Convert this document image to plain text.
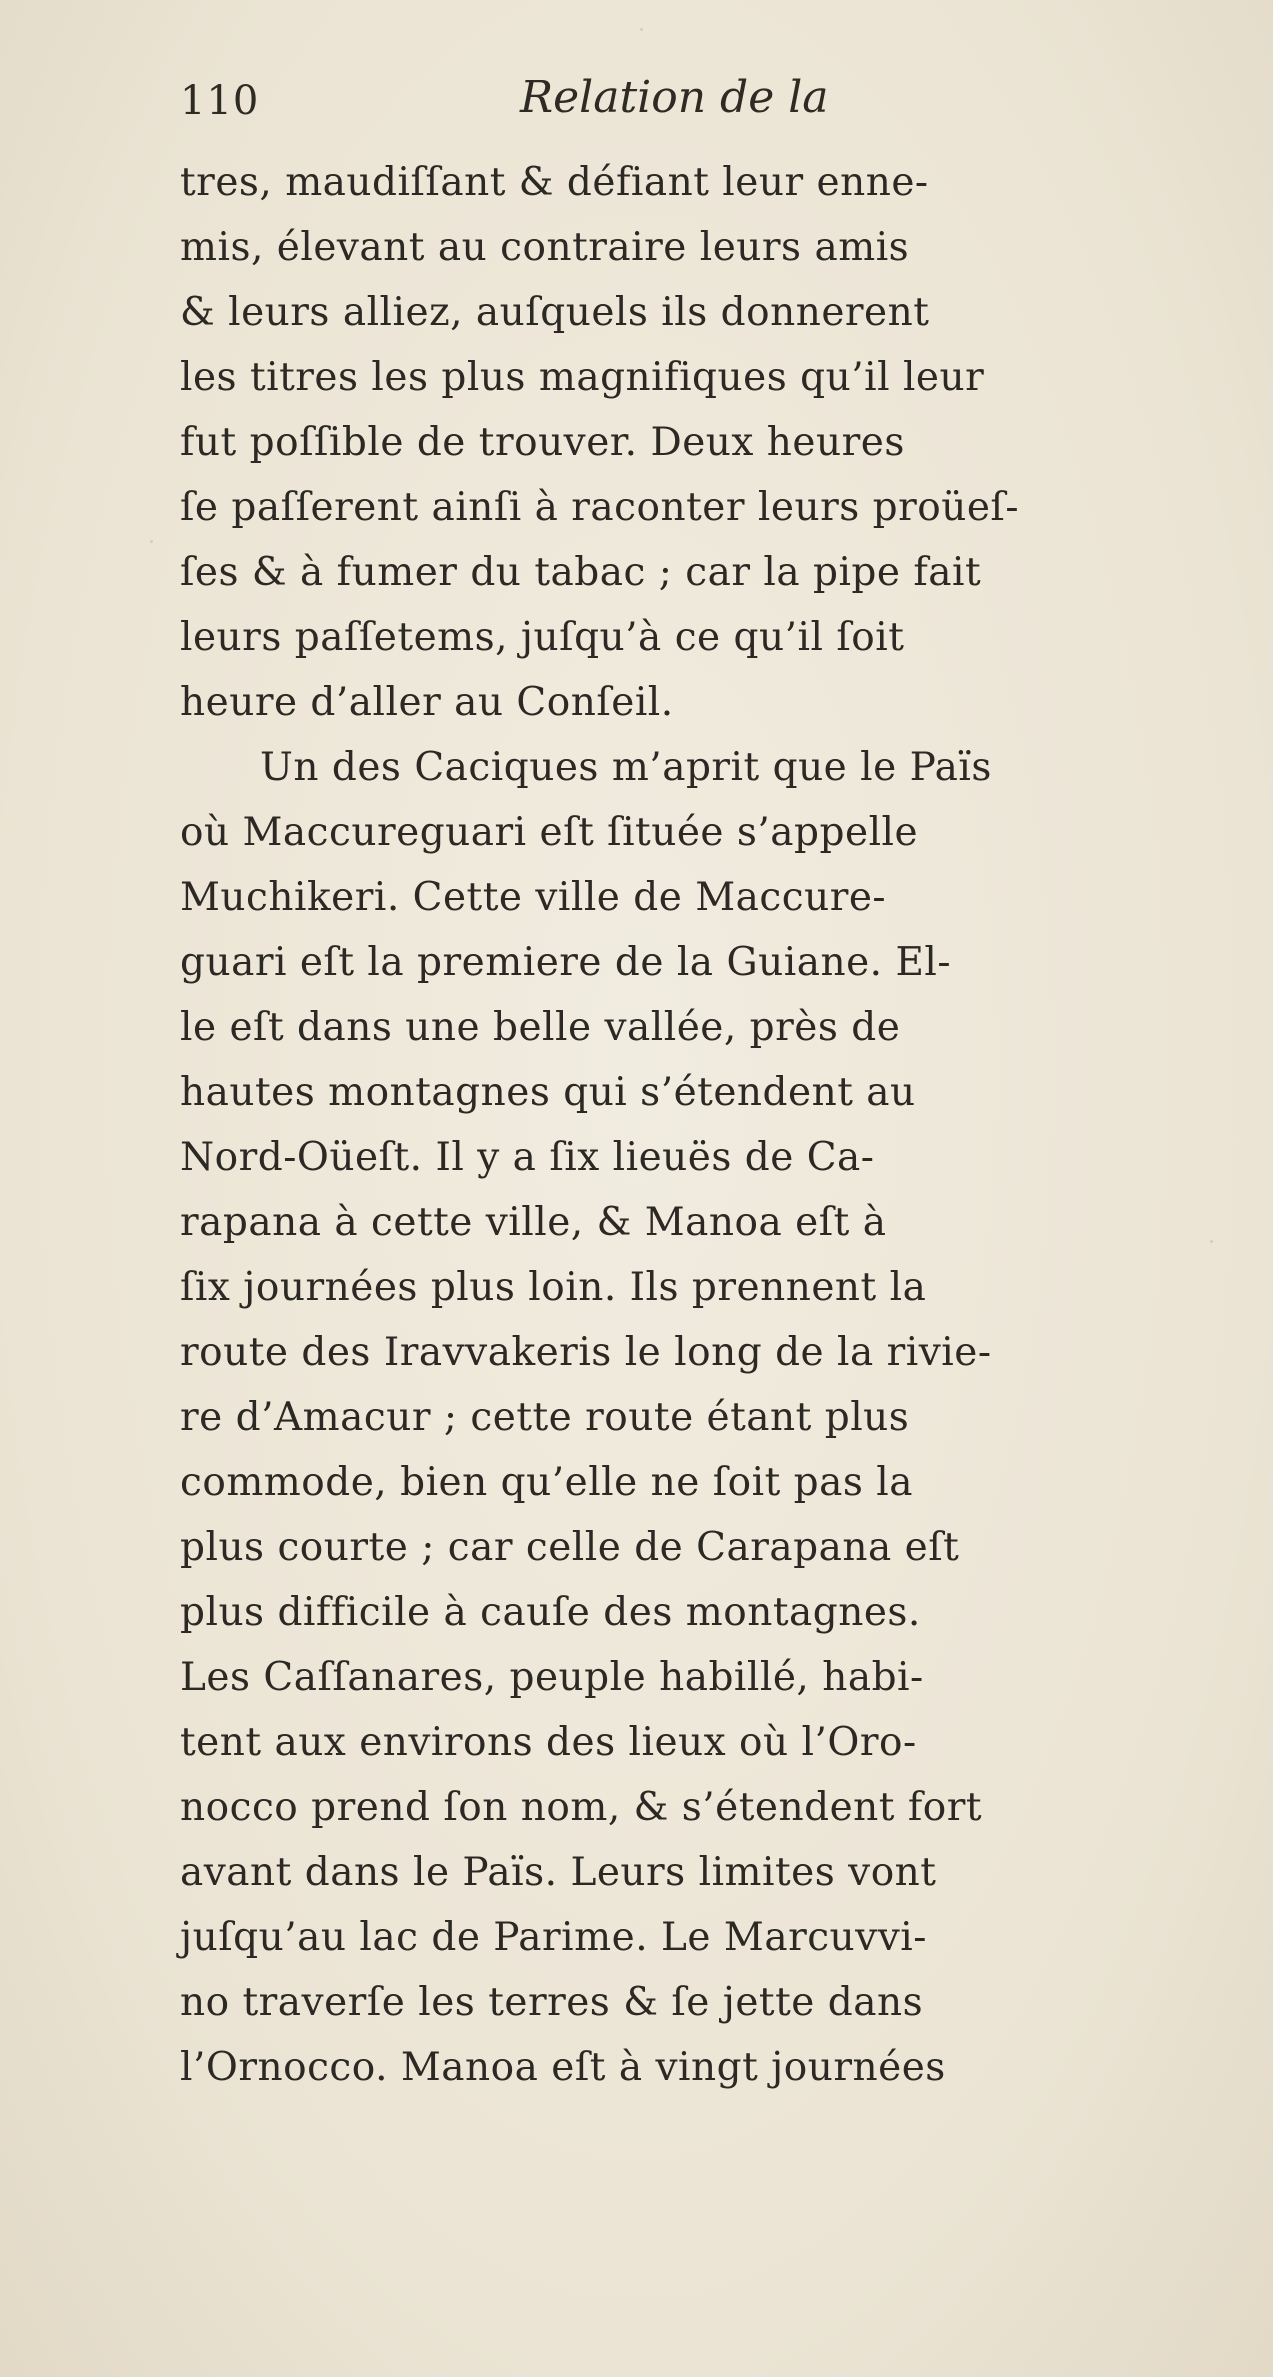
110	Relation de la
tres, maudiſſant & défiant leur enne-
mis, élevant au contraire leurs amis
& leurs alliez, auſquels ils donnerent
les titres les plus magnifiques qu’il leur
fut poſſible de trouver. Deux heures
ſe paſſerent ainſi à raconter leurs proüeſ-
ſes & à fumer du tabac ; car la pipe fait
leurs paſſetems, juſqu’à ce qu’il ſoit
heure d’aller au Conſeil.
Un des Caciques m’aprit que le Païs
où Maccureguari eſt ſituée s’appelle
Muchikeri. Cette ville de Maccure-
guari eſt la premiere de la Guiane. El-
le eſt dans une belle vallée, près de
hautes montagnes qui s’étendent au
Nord-Oüeſt. Il y a ſix lieuës de Ca-
rapana à cette ville, & Manoa eſt à
ſix journées plus loin. Ils prennent la
route des Iravvakeris le long de la rivie-
re d’Amacur ; cette route étant plus
commode, bien qu’elle ne ſoit pas la
plus courte ; car celle de Carapana eſt
plus difficile à cauſe des montagnes.
Les Caſſanares, peuple habillé, habi-
tent aux environs des lieux où l’Oro-
nocco prend ſon nom, & s’étendent fort
avant dans le Païs. Leurs limites vont
juſqu’au lac de Parime. Le Marcuvvi-
no traverſe les terres & ſe jette dans
l’Ornocco. Manoa eſt à vingt journées
